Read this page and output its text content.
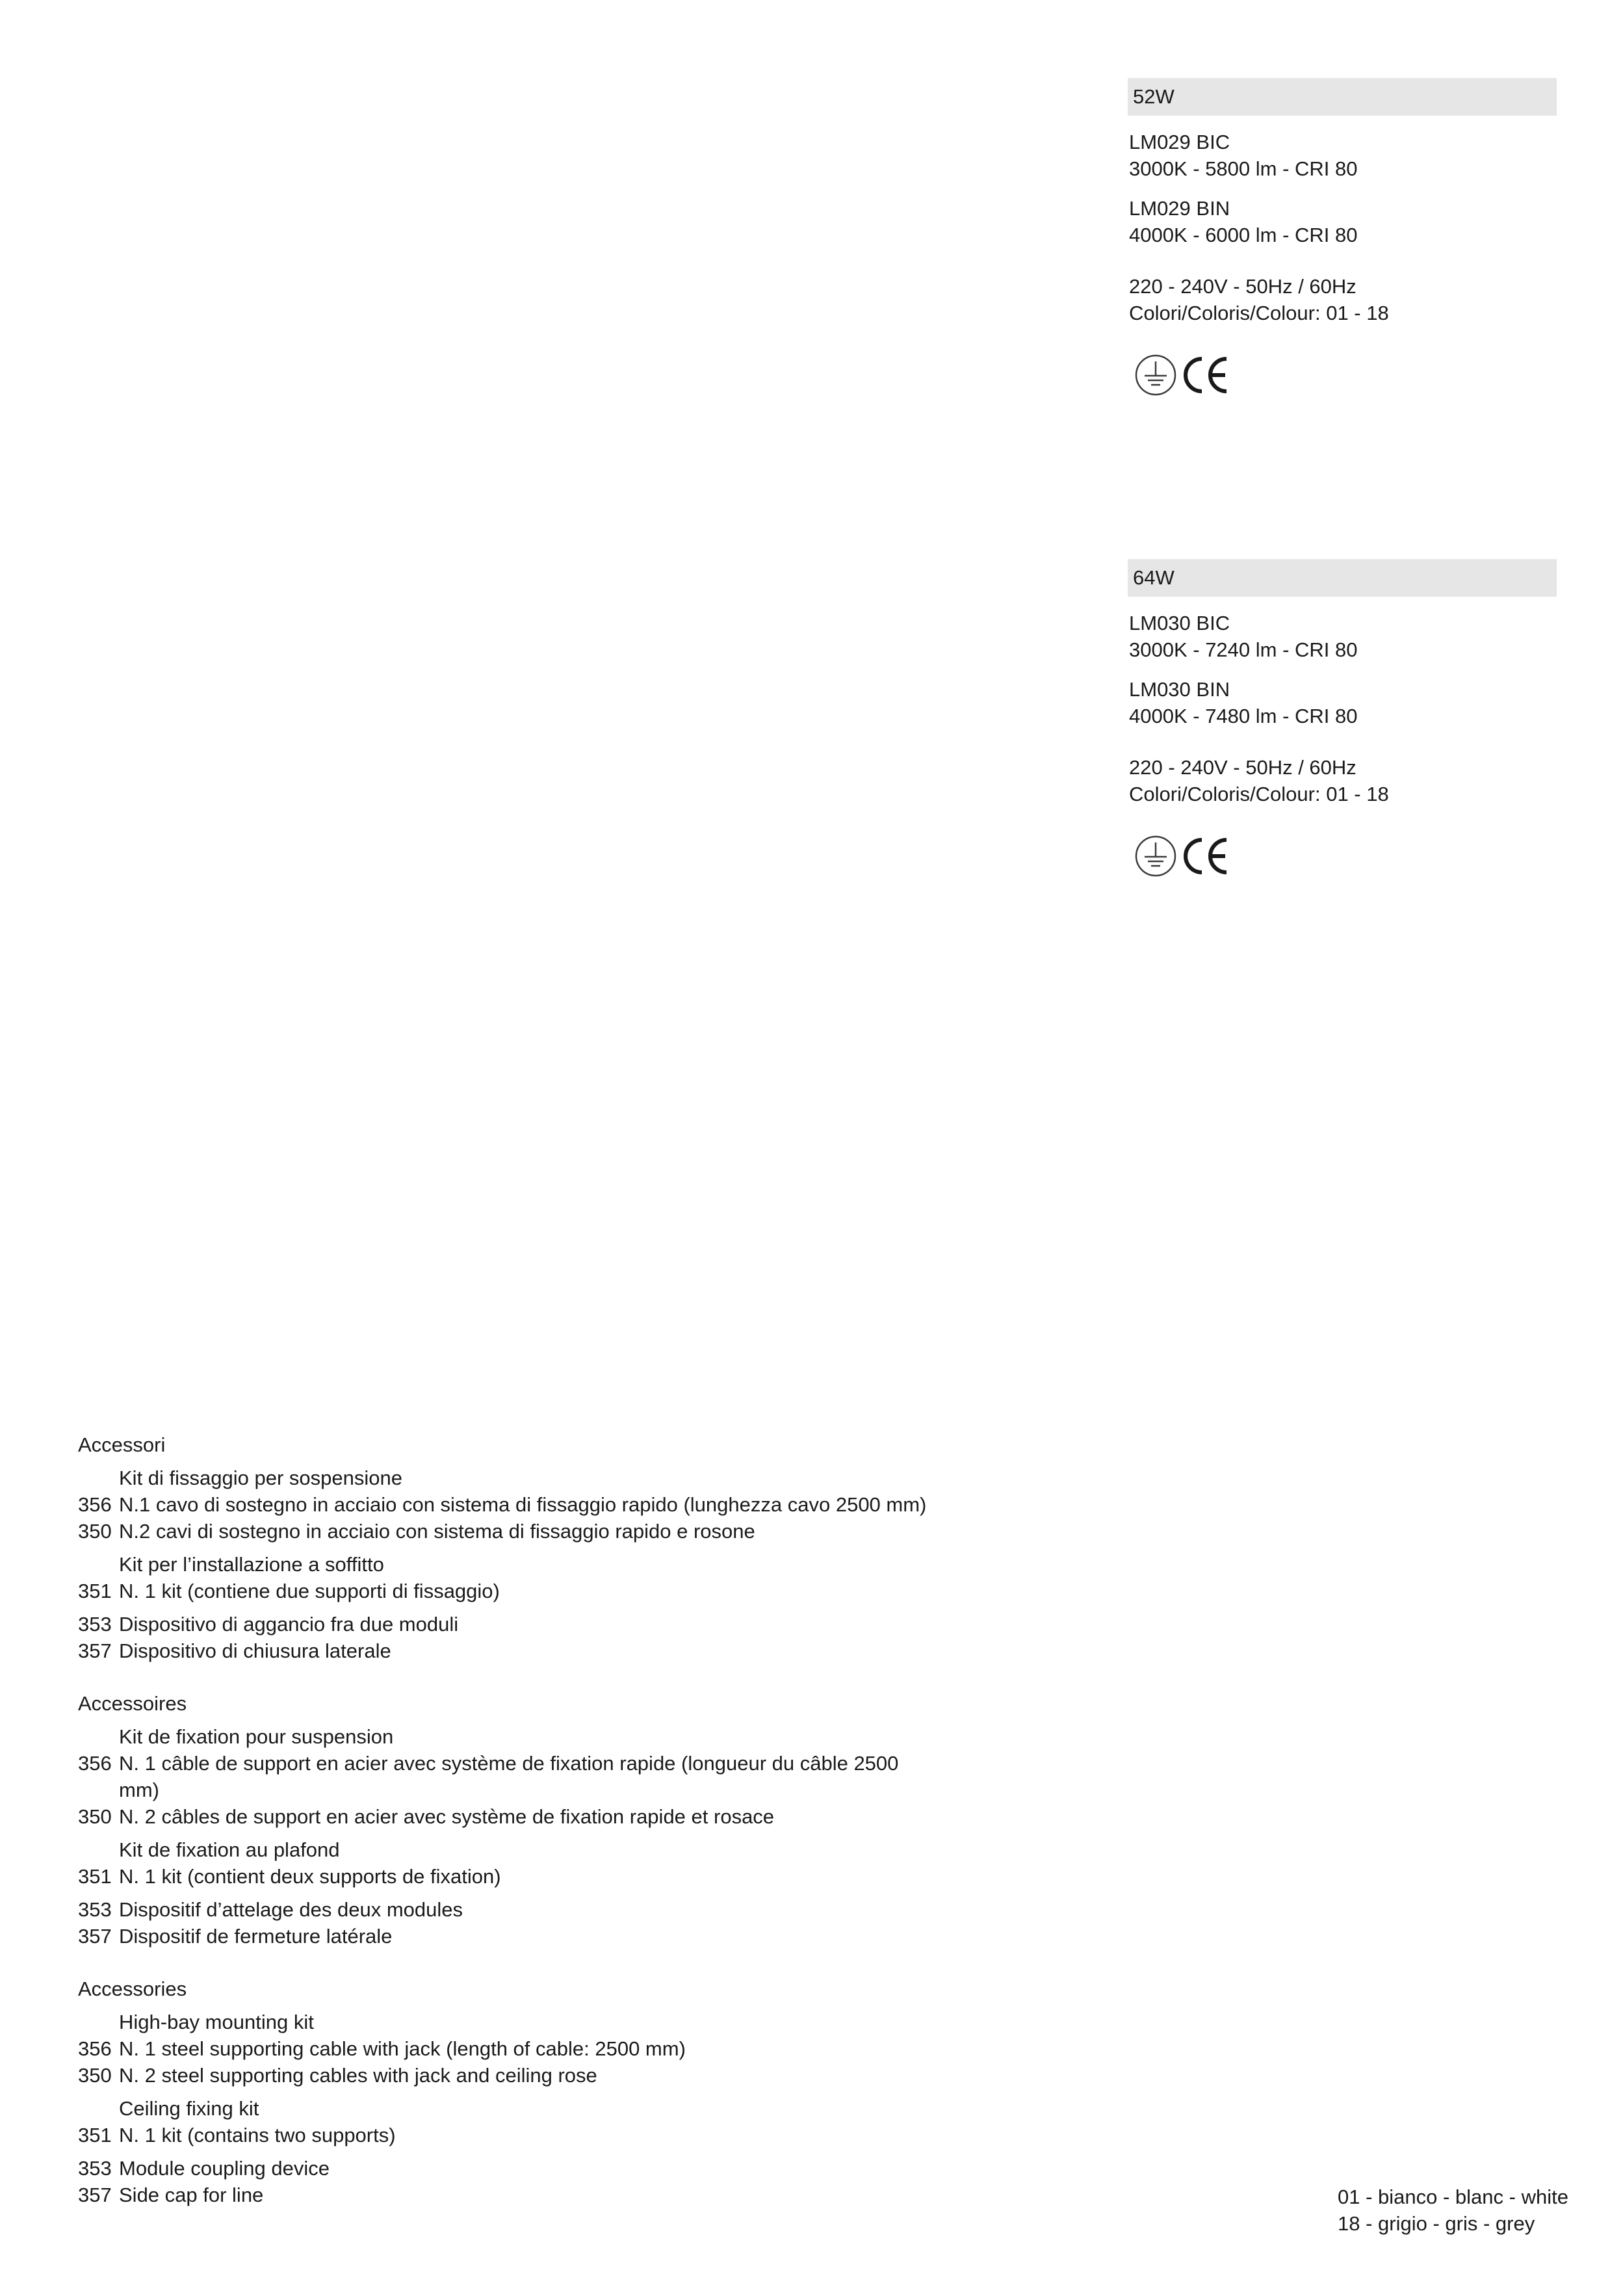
52W
LM029 BIC
3000K - 5800 lm - CRI 80
LM029 BIN
4000K - 6000 lm - CRI 80
220 - 240V - 50Hz / 60Hz
Colori/Coloris/Colour: 01 - 18
64W
LM030 BIC
3000K - 7240 lm - CRI 80
LM030 BIN
4000K - 7480 lm - CRI 80
220 - 240V - 50Hz / 60Hz
Colori/Coloris/Colour: 01 - 18
Accessori
Kit di fissaggio per sospensione
356 N.1 cavo di sostegno in acciaio con sistema di fissaggio rapido (lunghezza cavo 2500 mm)
350 N.2 cavi di sostegno in acciaio con sistema di fissaggio rapido e rosone
Kit per l’installazione a soffitto
351 N. 1 kit (contiene due supporti di fissaggio)
353 Dispositivo di aggancio fra due moduli
357 Dispositivo di chiusura laterale
Accessoires
Kit de fixation pour suspension
356 N. 1 câble de support en acier avec système de fixation rapide (longueur du câble 2500 mm)
350 N. 2 câbles de support en acier avec système de fixation rapide et rosace
Kit de fixation au plafond
351 N. 1 kit (contient deux supports de fixation)
353 Dispositif d’attelage des deux modules
357 Dispositif de fermeture latérale
Accessories
High-bay mounting kit
356 N. 1 steel supporting cable with jack (length of cable: 2500 mm)
350 N. 2 steel supporting cables with jack and ceiling rose
Ceiling fixing kit
351 N. 1 kit (contains two supports)
353 Module coupling device
357 Side cap for line	01 - bianco - blanc - white
18 - grigio - gris - grey
